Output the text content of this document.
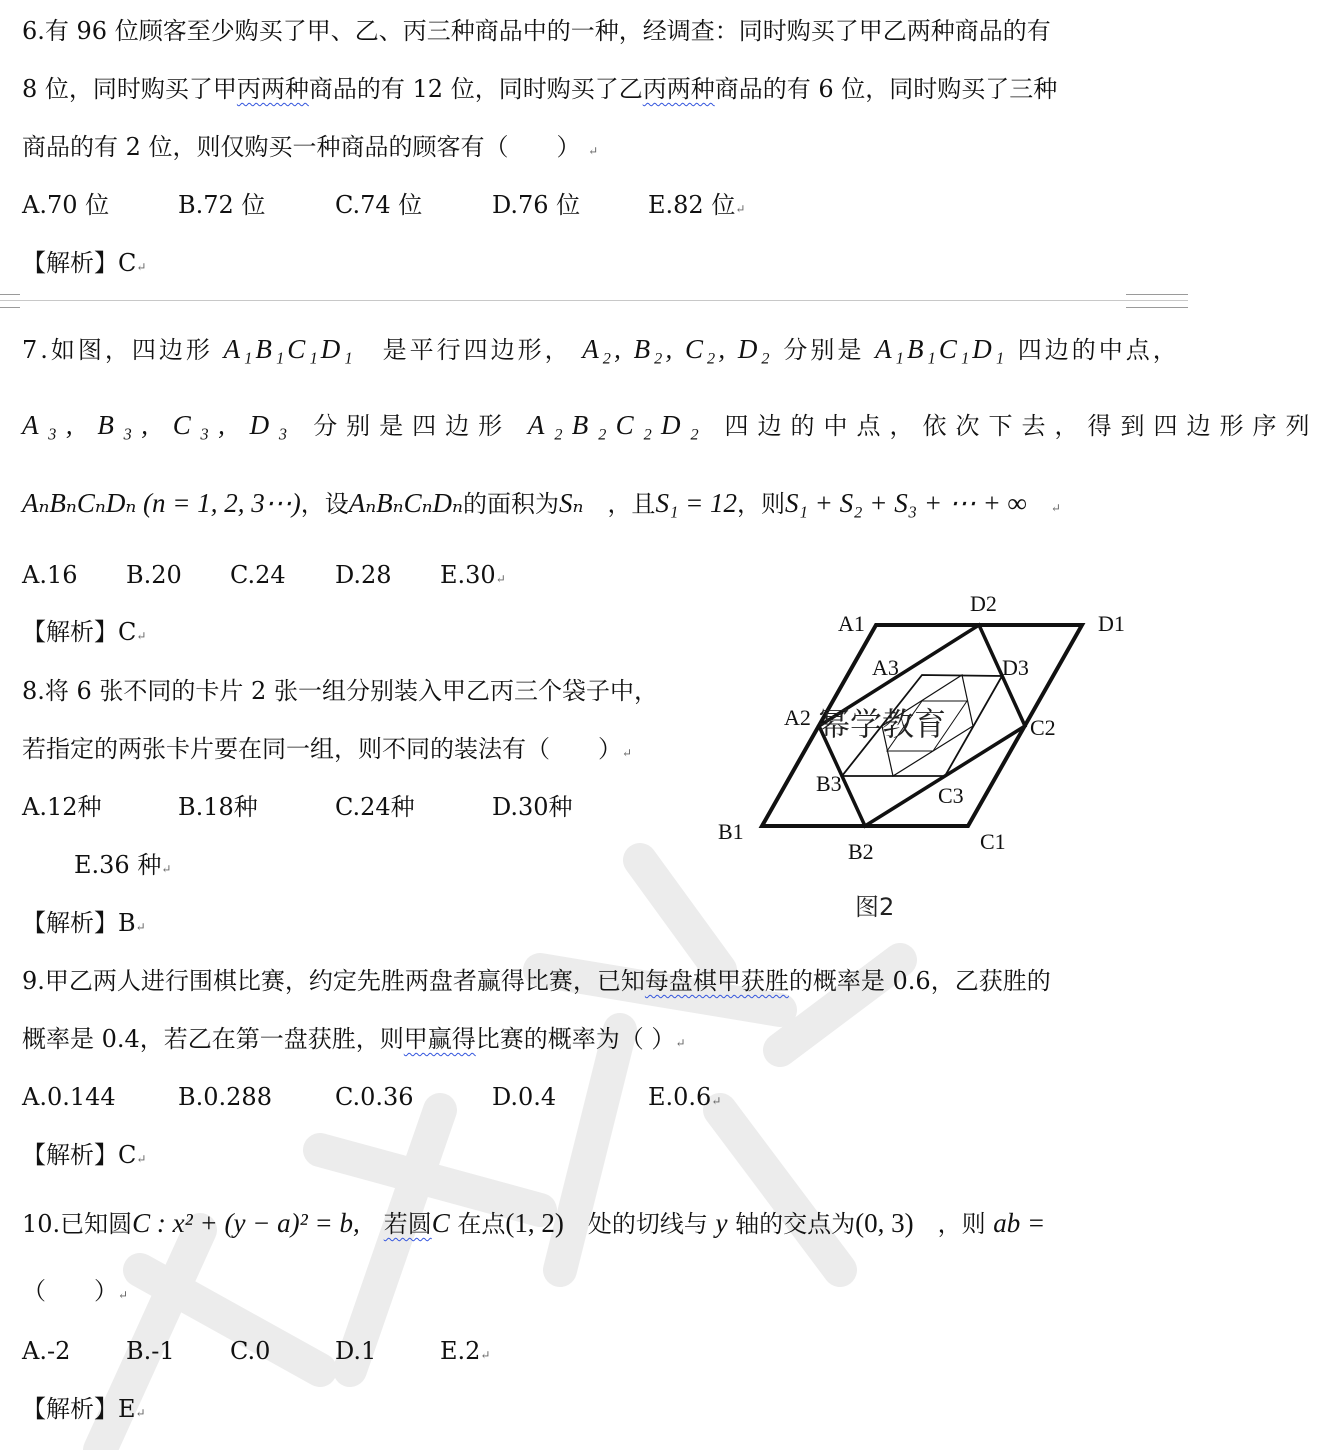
6.有 96 位顾客至少购买了甲、乙、丙三种商品中的一种，经调查：同时购买了甲乙两种商品的有
8 位，同时购买了甲丙两种商品的有 12 位，同时购买了乙丙两种商品的有 6 位，同时购买了三种
商品的有 2 位，则仅购买一种商品的顾客有（　　） ↵
A.70 位	B.72 位	C.74 位	D.76 位	E.82 位↵
【解析】C↵
7.如图，四边形 A₁B₁C₁D₁　 是平行四边形， A₂, B₂, C₂, D₂ 分别是 A₁B₁C₁D₁ 四边的中点，
A₃, B₃, C₃, D₃ 分别是四边形 A₂B₂C₂D₂ 四边的中点，依次下去，得到四边形序列
AₙBₙCₙDₙ (n = 1, 2, 3⋯)，设AₙBₙCₙDₙ的面积为Sₙ　 ，且S₁ = 12，则S₁ + S₂ + S₃ + ⋯ + ∞　 ↵
A.16 B.20 C.24 D.28 E.30↵
【解析】C↵	A1
B1	C1
D1
A2
B2
C2
D2
A3
B3	C3
D3
幂学教育
图2
8.将 6 张不同的卡片 2 张一组分别装入甲乙丙三个袋子中，
若指定的两张卡片要在同一组，则不同的装法有（　　）↵
A.12种	B.18种	C.24种	D.30种
E.36 种↵
【解析】B↵
9.甲乙两人进行围棋比赛，约定先胜两盘者赢得比赛，已知每盘棋甲获胜的概率是 0.6，乙获胜的
概率是 0.4，若乙在第一盘获胜，则甲赢得比赛的概率为（ ）↵
A.0.144	B.0.288	C.0.36	D.0.4	E.0.6↵
【解析】C↵
10.已知圆C : x² + (y − a)² = b,　 若圆C 在点(1, 2)　 处的切线与 y 轴的交点为(0, 3)　 ，则 ab =
（　　）↵
A.-2 B.-1 C.0	D.1	E.2↵
【解析】E↵
